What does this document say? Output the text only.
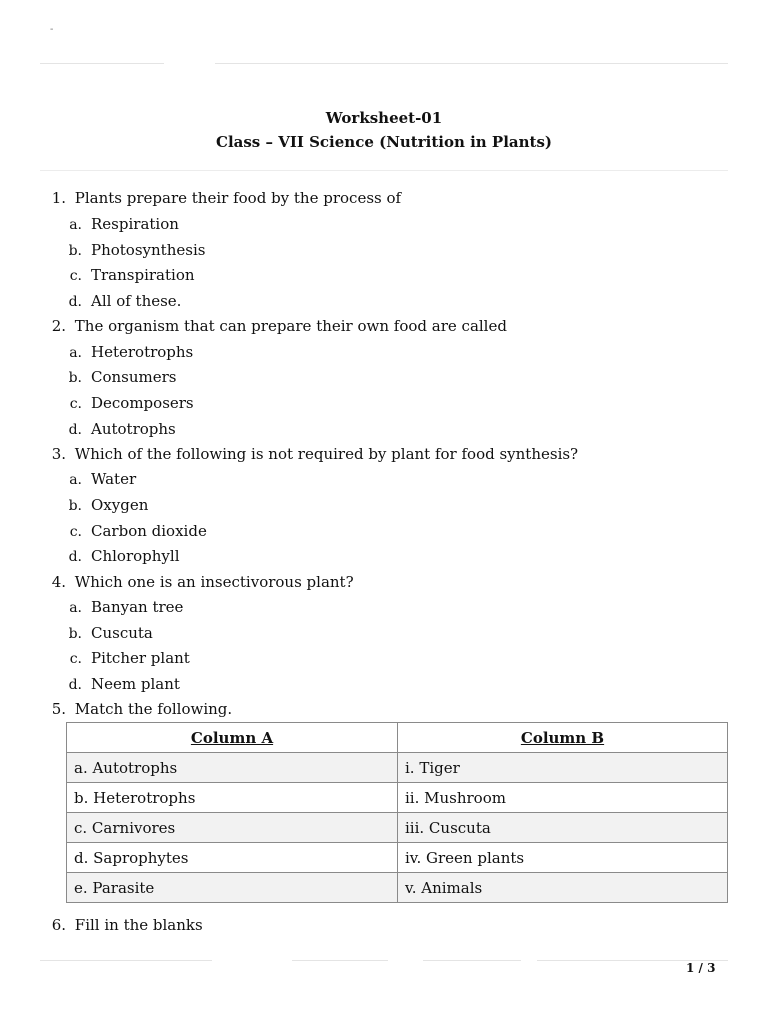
-
Worksheet-01
Class – VII Science (Nutrition in Plants)
1. Plants prepare their food by the process of
a. Respiration
b. Photosynthesis
c. Transpiration
d. All of these.
2. The organism that can prepare their own food are called
a. Heterotrophs
b. Consumers
c. Decomposers
d. Autotrophs
3. Which of the following is not required by plant for food synthesis?
a. Water
b. Oxygen
c. Carbon dioxide
d. Chlorophyll
4. Which one is an insectivorous plant?
a. Banyan tree
b. Cuscuta
c. Pitcher plant
d. Neem plant
5. Match the following.
Column A	Column B
a. Autotrophs	i. Tiger
b. Heterotrophs	ii. Mushroom
c. Carnivores	iii. Cuscuta
d. Saprophytes	iv. Green plants
e. Parasite	v. Animals
6. Fill in the blanks
1 / 3
